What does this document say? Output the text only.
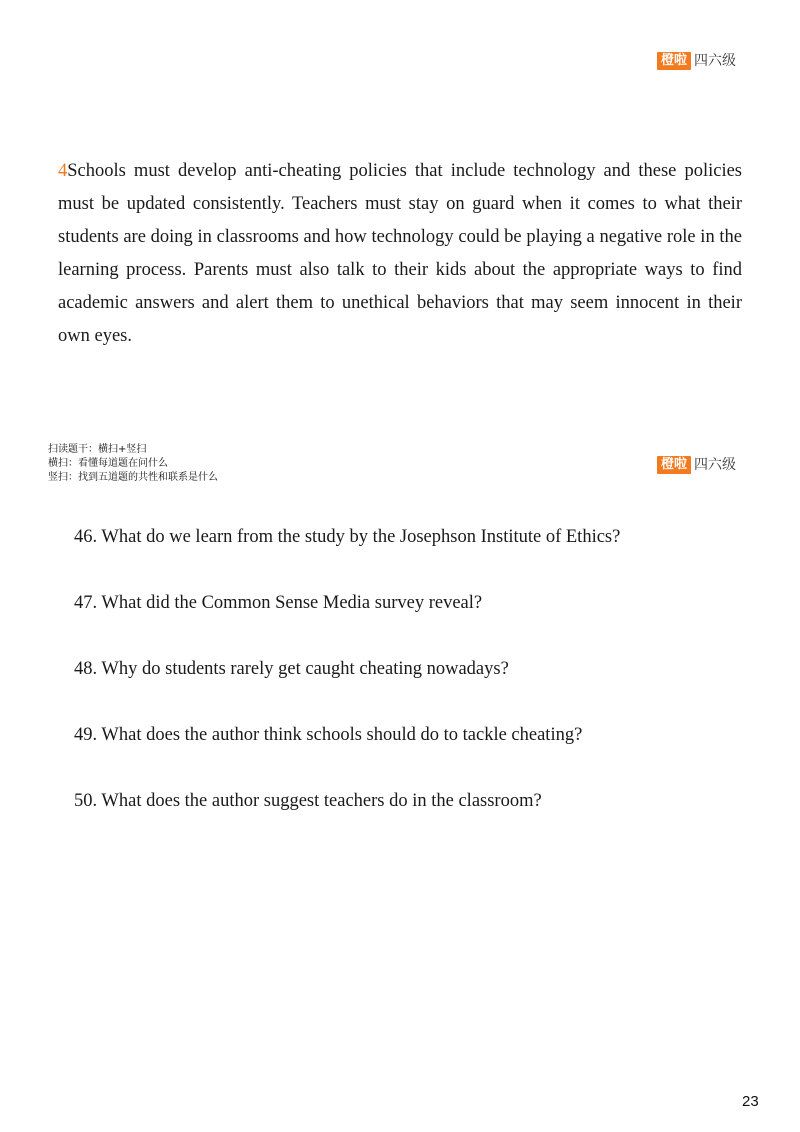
橙啦 四六级

4Schools must develop anti-cheating policies that include technology and these policies must be updated consistently. Teachers must stay on guard when it comes to what their students are doing in classrooms and how technology could be playing a negative role in the learning process. Parents must also talk to their kids about the appropriate ways to find academic answers and alert them to unethical behaviors that may seem innocent in their own eyes.

扫读题干：横扫+竖扫
横扫：看懂每道题在问什么
竖扫：找到五道题的共性和联系是什么
橙啦 四六级
46. What do we learn from the study by the Josephson Institute of Ethics?
47. What did the Common Sense Media survey reveal?
48. Why do students rarely get caught cheating nowadays?
49. What does the author think schools should do to tackle cheating?
50. What does the author suggest teachers do in the classroom?
23
